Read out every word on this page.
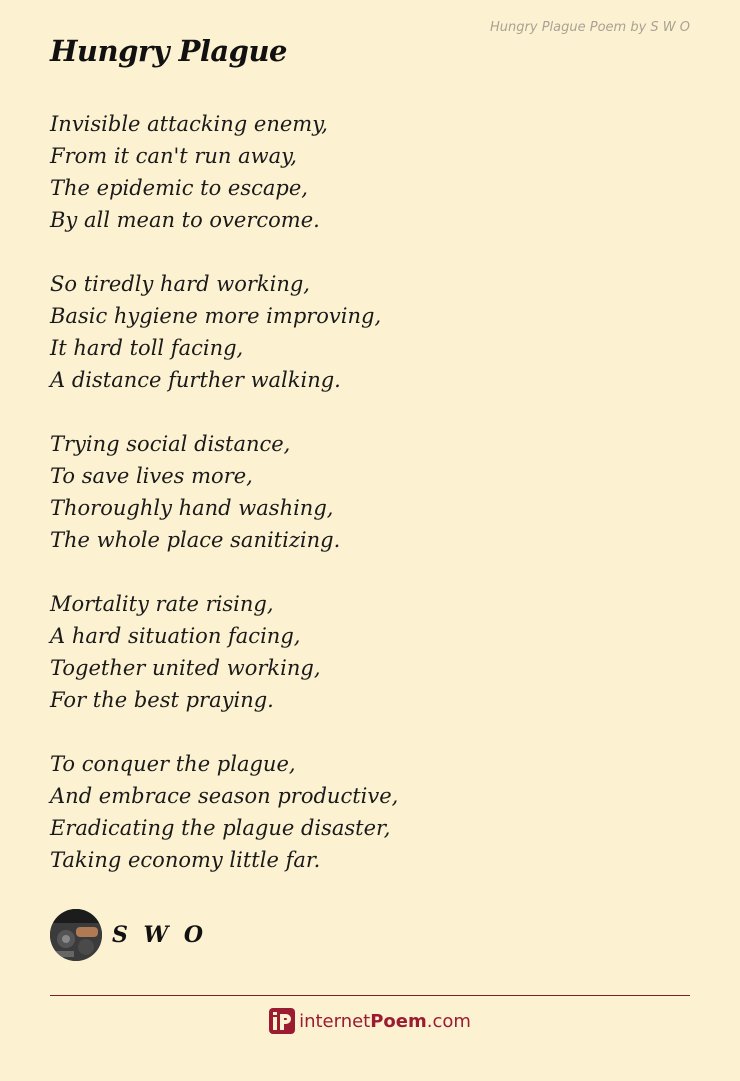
Hungry Plague Poem by S W O
Hungry Plague
Invisible attacking enemy,
From it can't run away,
The epidemic to escape,
By all mean to overcome.
So tiredly hard working,
Basic hygiene more improving,
It hard toll facing,
A distance further walking.
Trying social distance,
To save lives more,
Thoroughly hand washing,
The whole place sanitizing.
Mortality rate rising,
A hard situation facing,
Together united working,
For the best praying.
To conquer the plague,
And embrace season productive,
Eradicating the plague disaster,
Taking economy little far.
S W O
internetPoem.com
